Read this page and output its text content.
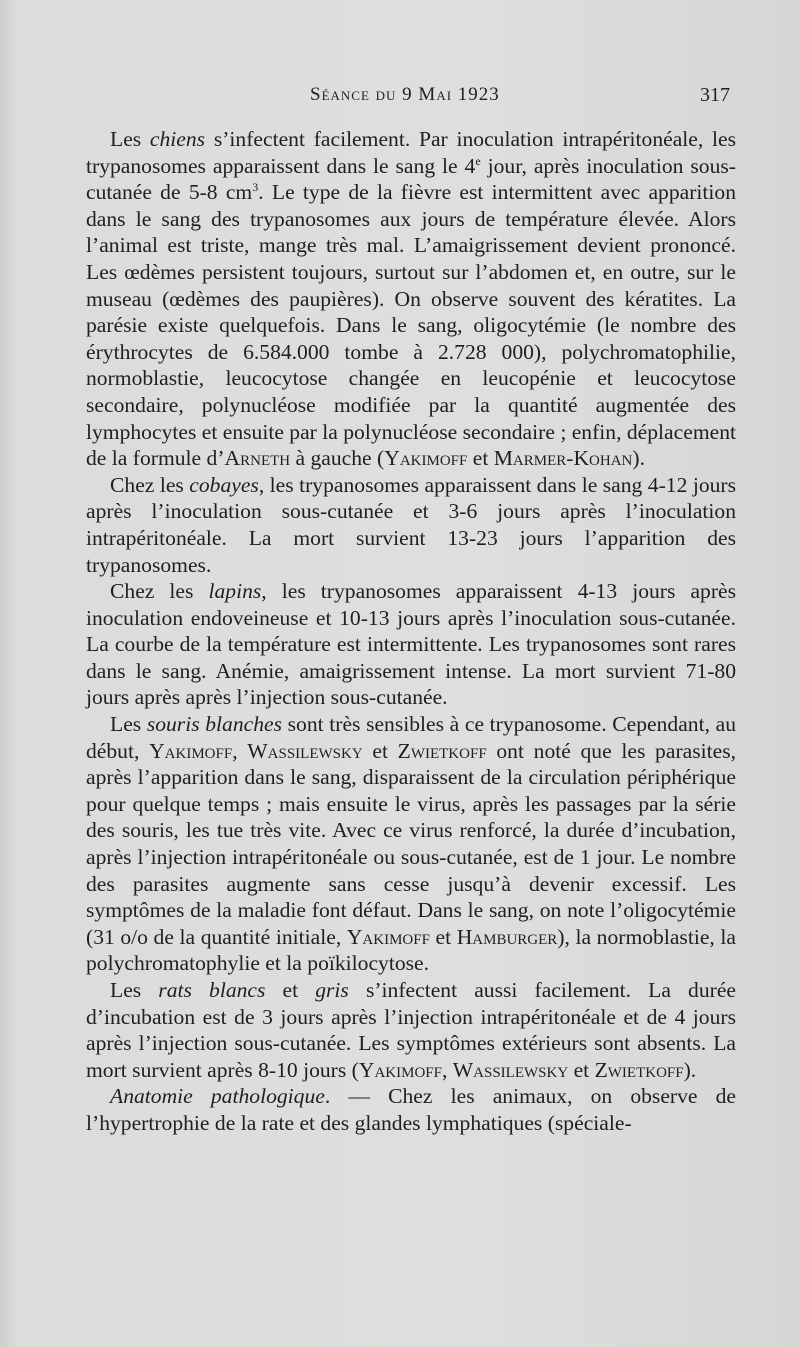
Séance du 9 Mai 1923	317

Les chiens s’infectent facilement. Par inoculation intrapéritonéale, les trypanosomes apparaissent dans le sang le 4e jour, après inoculation sous-cutanée de 5-8 $cm^3$. Le type de la fièvre est intermittent avec apparition dans le sang des trypanosomes aux jours de température élevée. Alors l’animal est triste, mange très mal. L’amaigrissement devient prononcé. Les œdèmes persistent toujours, surtout sur l’abdomen et, en outre, sur le museau (œdèmes des paupières). On observe souvent des kératites. La parésie existe quelquefois. Dans le sang, oligocytémie (le nombre des érythrocytes de 6.584.000 tombe à 2.728 000), polychromatophilie, normoblastie, leucocytose changée en leucopénie et leucocytose secondaire, polynucléose modifiée par la quantité augmentée des lymphocytes et ensuite par la polynucléose secondaire ; enfin, déplacement de la formule d’Arneth à gauche (Yakimoff et Marmer-Kohan).

Chez les cobayes, les trypanosomes apparaissent dans le sang 4-12 jours après l’inoculation sous-cutanée et 3-6 jours après l’inoculation intrapéritonéale. La mort survient 13-23 jours l’apparition des trypanosomes.

Chez les lapins, les trypanosomes apparaissent 4-13 jours après inoculation endoveineuse et 10-13 jours après l’inoculation sous-cutanée. La courbe de la température est intermittente. Les trypanosomes sont rares dans le sang. Anémie, amaigrissement intense. La mort survient 71-80 jours après après l’injection sous-cutanée.

Les souris blanches sont très sensibles à ce trypanosome. Cependant, au début, Yakimoff, Wassilewsky et Zwietkoff ont noté que les parasites, après l’apparition dans le sang, disparaissent de la circulation périphérique pour quelque temps ; mais ensuite le virus, après les passages par la série des souris, les tue très vite. Avec ce virus renforcé, la durée d’incubation, après l’injection intrapéritonéale ou sous-cutanée, est de 1 jour. Le nombre des parasites augmente sans cesse jusqu’à devenir excessif. Les symptômes de la maladie font défaut. Dans le sang, on note l’oligocytémie (31 o/o de la quantité initiale, Yakimoff et Hamburger), la normoblastie, la polychromatophylie et la poïkilocytose.

Les rats blancs et gris s’infectent aussi facilement. La durée d’incubation est de 3 jours après l’injection intrapéritonéale et de 4 jours après l’injection sous-cutanée. Les symptômes extérieurs sont absents. La mort survient après 8-10 jours (Yakimoff, Wassilewsky et Zwietkoff).

Anatomie pathologique. — Chez les animaux, on observe de l’hypertrophie de la rate et des glandes lymphatiques (spéciale-
